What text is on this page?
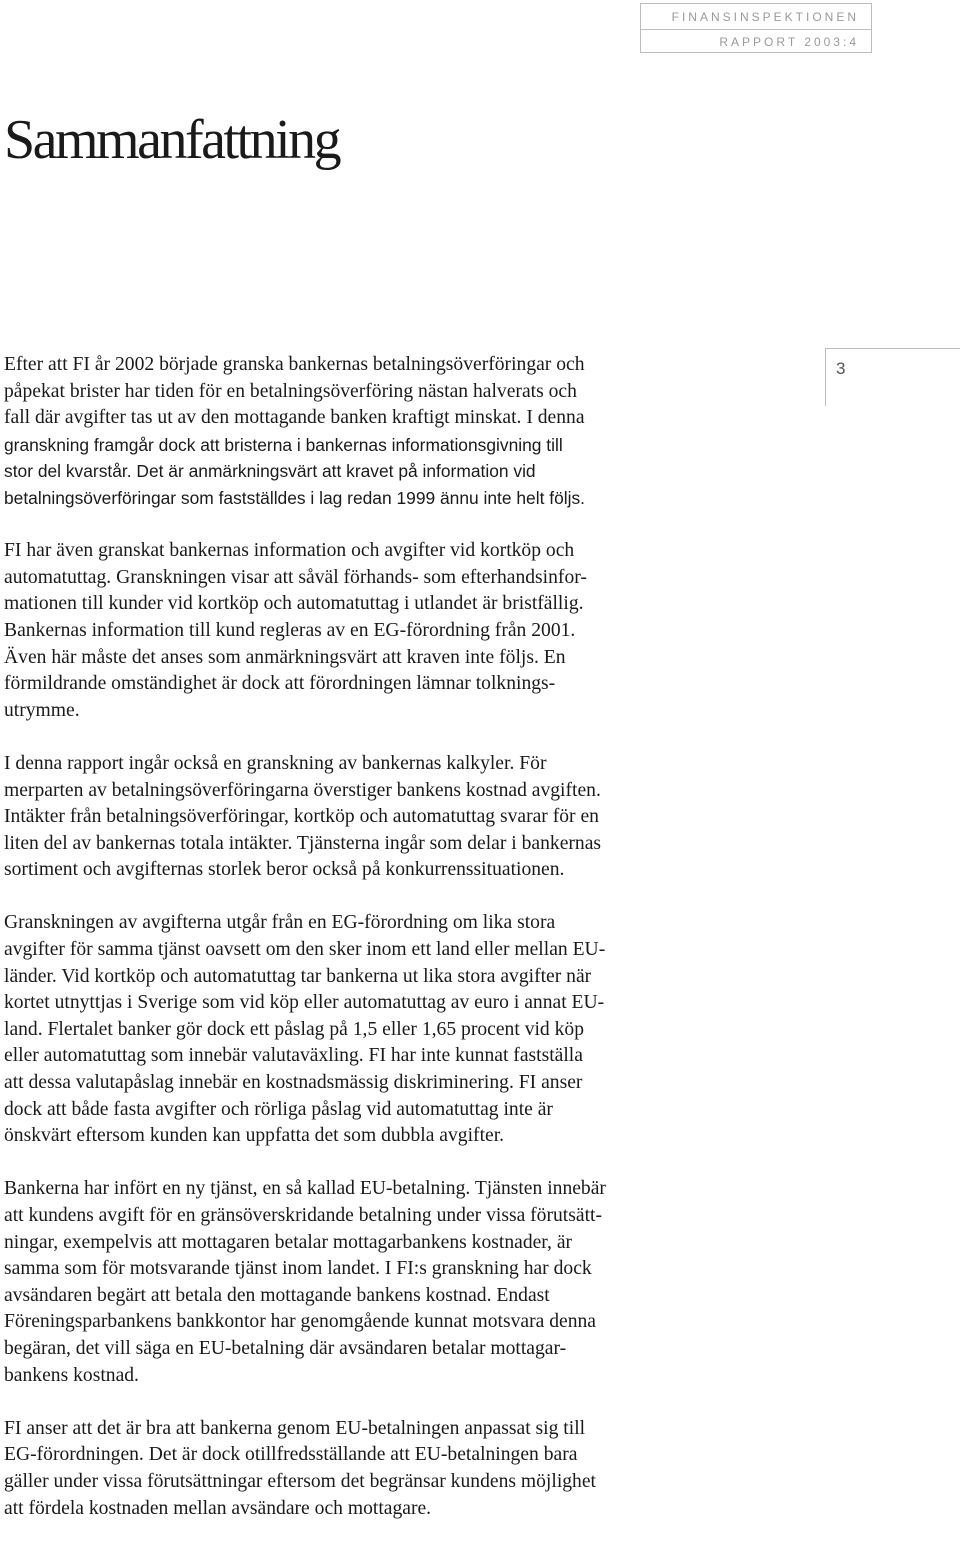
FINANSINSPEKTIONEN
RAPPORT 2003:4
Sammanfattning
3
Efter att FI år 2002 började granska bankernas betalningsöverföringar och
påpekat brister har tiden för en betalningsöverföring nästan halverats och
fall där avgifter tas ut av den mottagande banken kraftigt minskat. I denna
granskning framgår dock att bristerna i bankernas informationsgivning till
stor del kvarstår. Det är anmärkningsvärt att kravet på information vid
betalningsöverföringar som fastställdes i lag redan 1999 ännu inte helt följs.
FI har även granskat bankernas information och avgifter vid kortköp och
automatuttag. Granskningen visar att såväl förhands- som efterhandsinfor-
mationen till kunder vid kortköp och automatuttag i utlandet är bristfällig.
Bankernas information till kund regleras av en EG-förordning från 2001.
Även här måste det anses som anmärkningsvärt att kraven inte följs. En
förmildrande omständighet är dock att förordningen lämnar tolknings-
utrymme.
I denna rapport ingår också en granskning av bankernas kalkyler. För
merparten av betalningsöverföringarna överstiger bankens kostnad avgiften.
Intäkter från betalningsöverföringar, kortköp och automatuttag svarar för en
liten del av bankernas totala intäkter. Tjänsterna ingår som delar i bankernas
sortiment och avgifternas storlek beror också på konkurrenssituationen.
Granskningen av avgifterna utgår från en EG-förordning om lika stora
avgifter för samma tjänst oavsett om den sker inom ett land eller mellan EU-
länder. Vid kortköp och automatuttag tar bankerna ut lika stora avgifter när
kortet utnyttjas i Sverige som vid köp eller automatuttag av euro i annat EU-
land. Flertalet banker gör dock ett påslag på 1,5 eller 1,65 procent vid köp
eller automatuttag som innebär valutaväxling. FI har inte kunnat fastställa
att dessa valutapåslag innebär en kostnadsmässig diskriminering. FI anser
dock att både fasta avgifter och rörliga påslag vid automatuttag inte är
önskvärt eftersom kunden kan uppfatta det som dubbla avgifter.
Bankerna har infört en ny tjänst, en så kallad EU-betalning. Tjänsten innebär
att kundens avgift för en gränsöverskridande betalning under vissa förutsätt-
ningar, exempelvis att mottagaren betalar mottagarbankens kostnader, är
samma som för motsvarande tjänst inom landet. I FI:s granskning har dock
avsändaren begärt att betala den mottagande bankens kostnad. Endast
Föreningsparbankens bankkontor har genomgående kunnat motsvara denna
begäran, det vill säga en EU-betalning där avsändaren betalar mottagar-
bankens kostnad.
FI anser att det är bra att bankerna genom EU-betalningen anpassat sig till
EG-förordningen. Det är dock otillfredsställande att EU-betalningen bara
gäller under vissa förutsättningar eftersom det begränsar kundens möjlighet
att fördela kostnaden mellan avsändare och mottagare.
